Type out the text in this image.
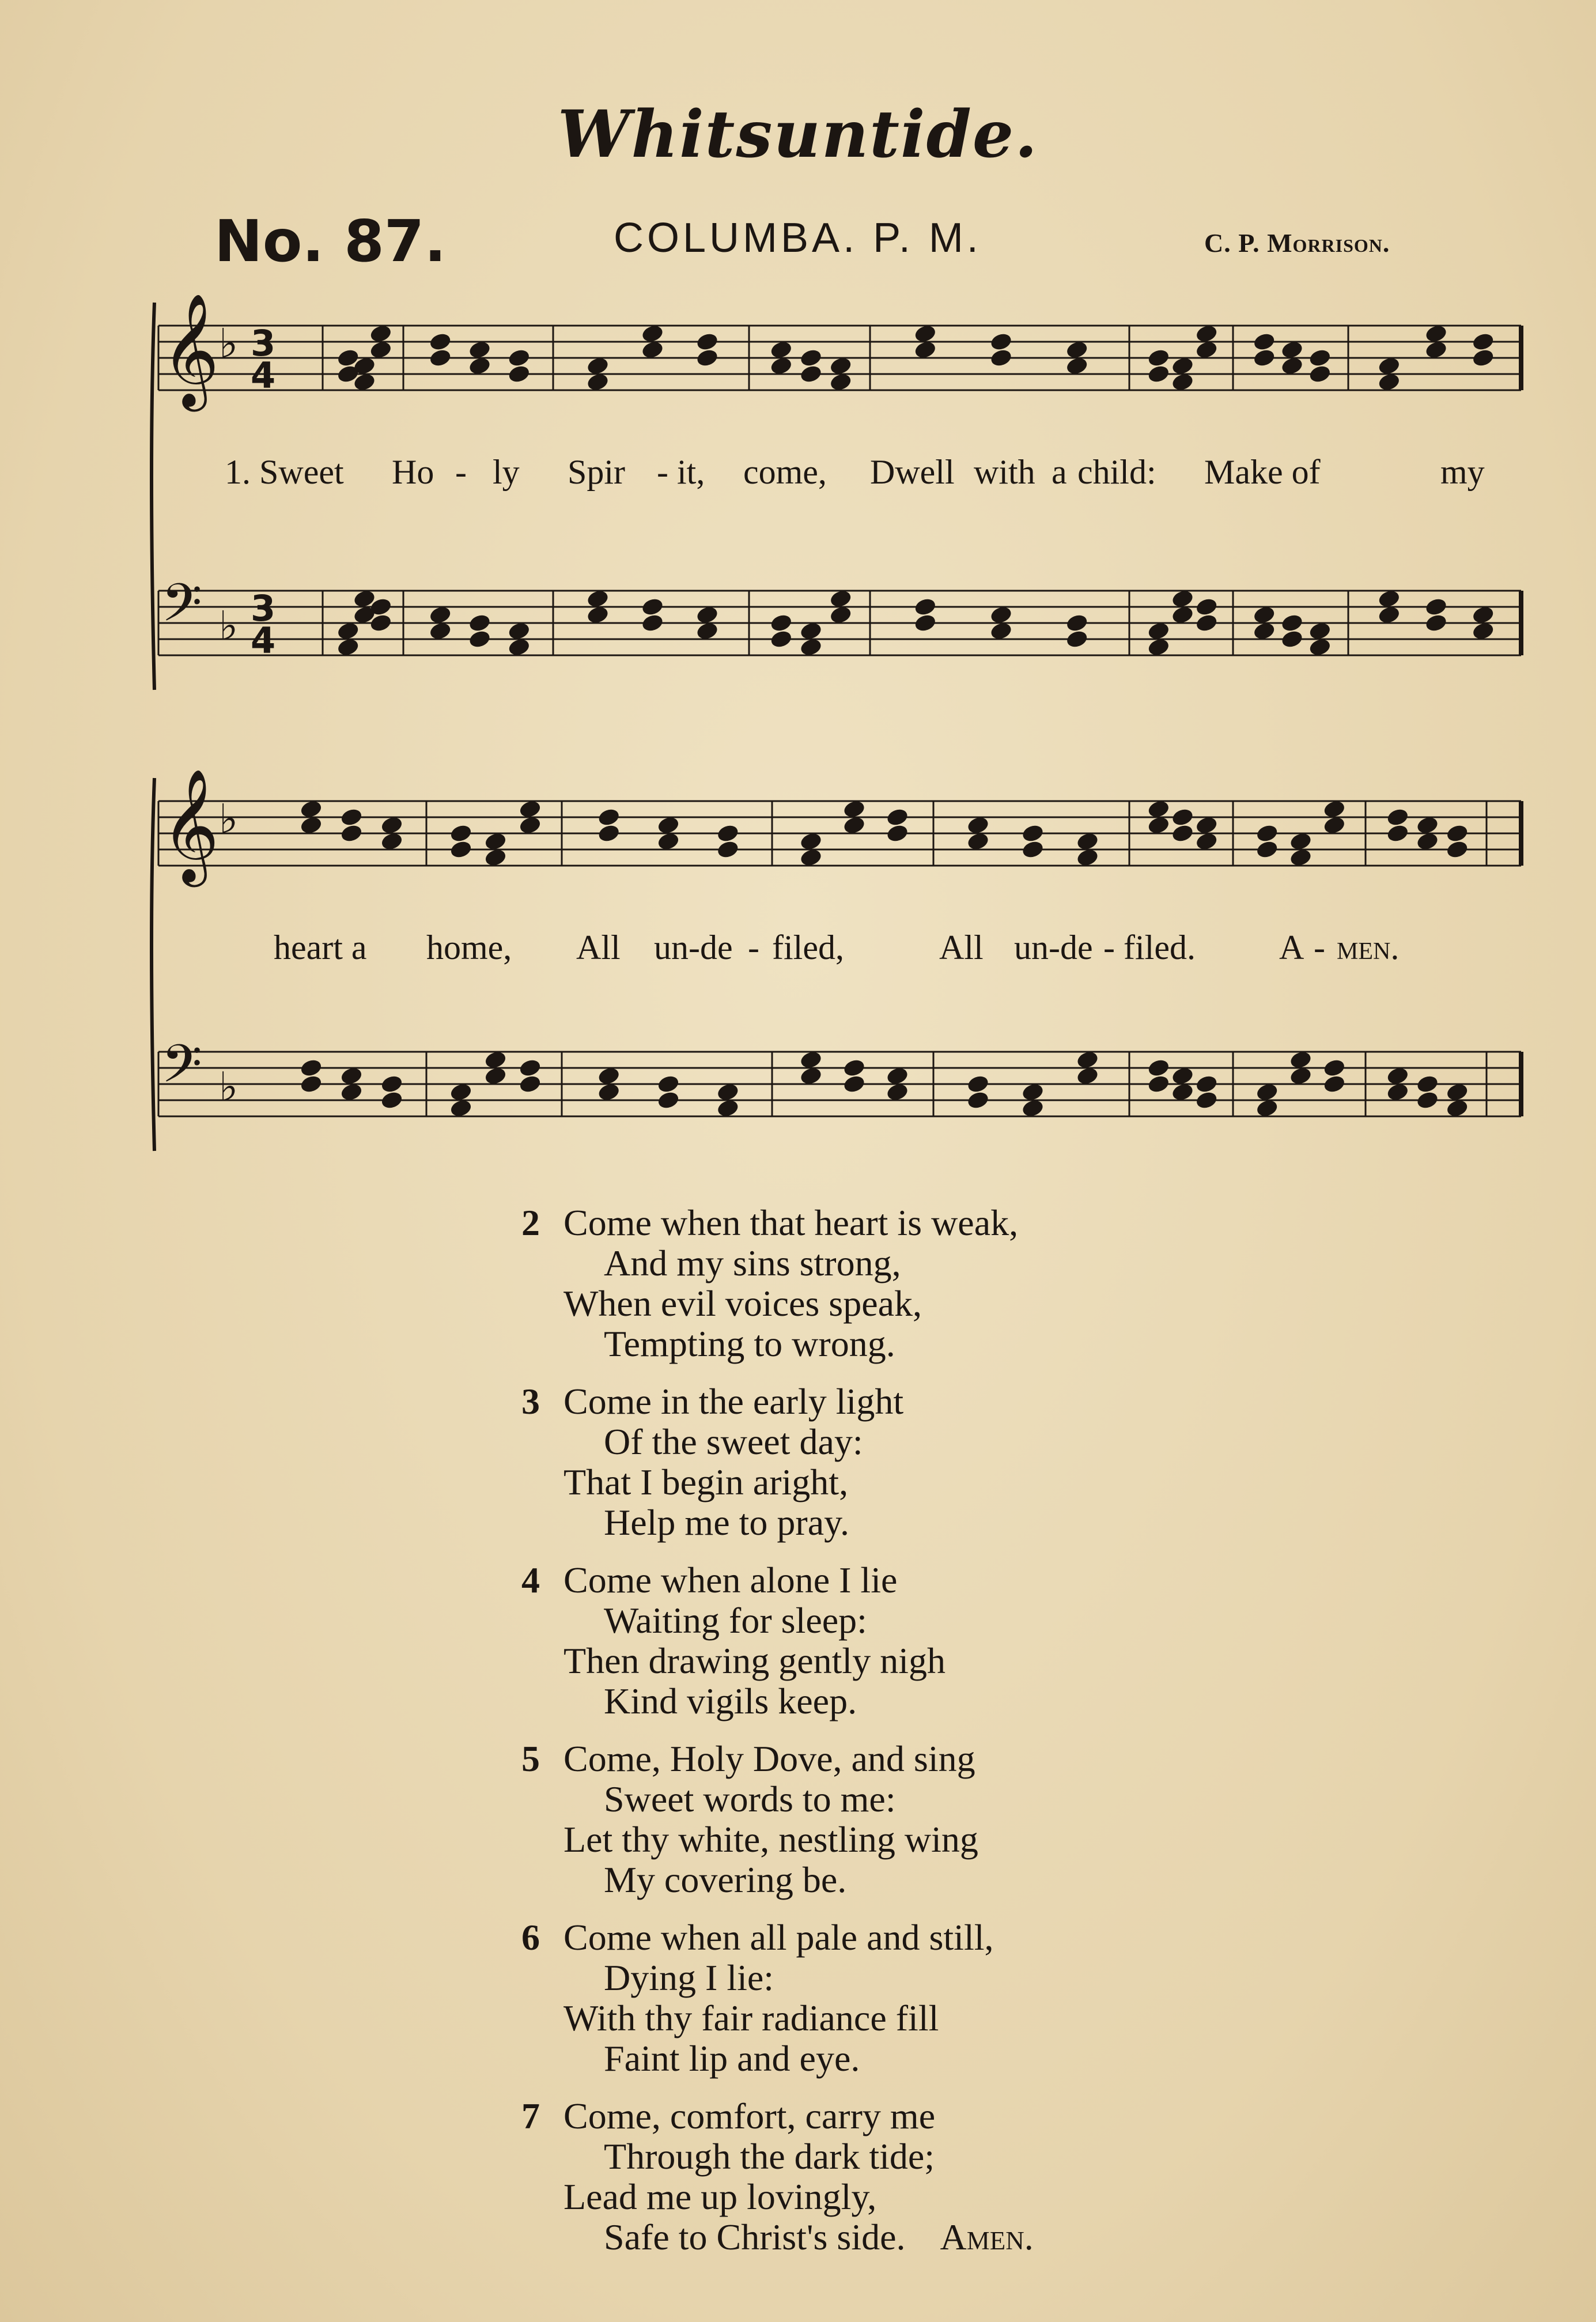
Whitsuntide.
No. 87.	COLUMBA. P. M.	C. P. Morrison.
𝄞 ♭ 3
4
𝄢 ♭ 3
4
𝄞 ♭
𝄢 ♭
1. Sweet Ho - ly Spir - it, come, Dwell with a child: Make of	my
heart a home, All un-de - filed,	All un-de - filed. A - men.
2 Come when that heart is weak,
And my sins strong,
When evil voices speak,
Tempting to wrong.
3 Come in the early light
Of the sweet day:
That I begin aright,
Help me to pray.
4 Come when alone I lie
Waiting for sleep:
Then drawing gently nigh
Kind vigils keep.
5 Come, Holy Dove, and sing
Sweet words to me:
Let thy white, nestling wing
My covering be.
6 Come when all pale and still,
Dying I lie:
With thy fair radiance fill
Faint lip and eye.
7 Come, comfort, carry me
Through the dark tide;
Lead me up lovingly,
Safe to Christ's side. Amen.
